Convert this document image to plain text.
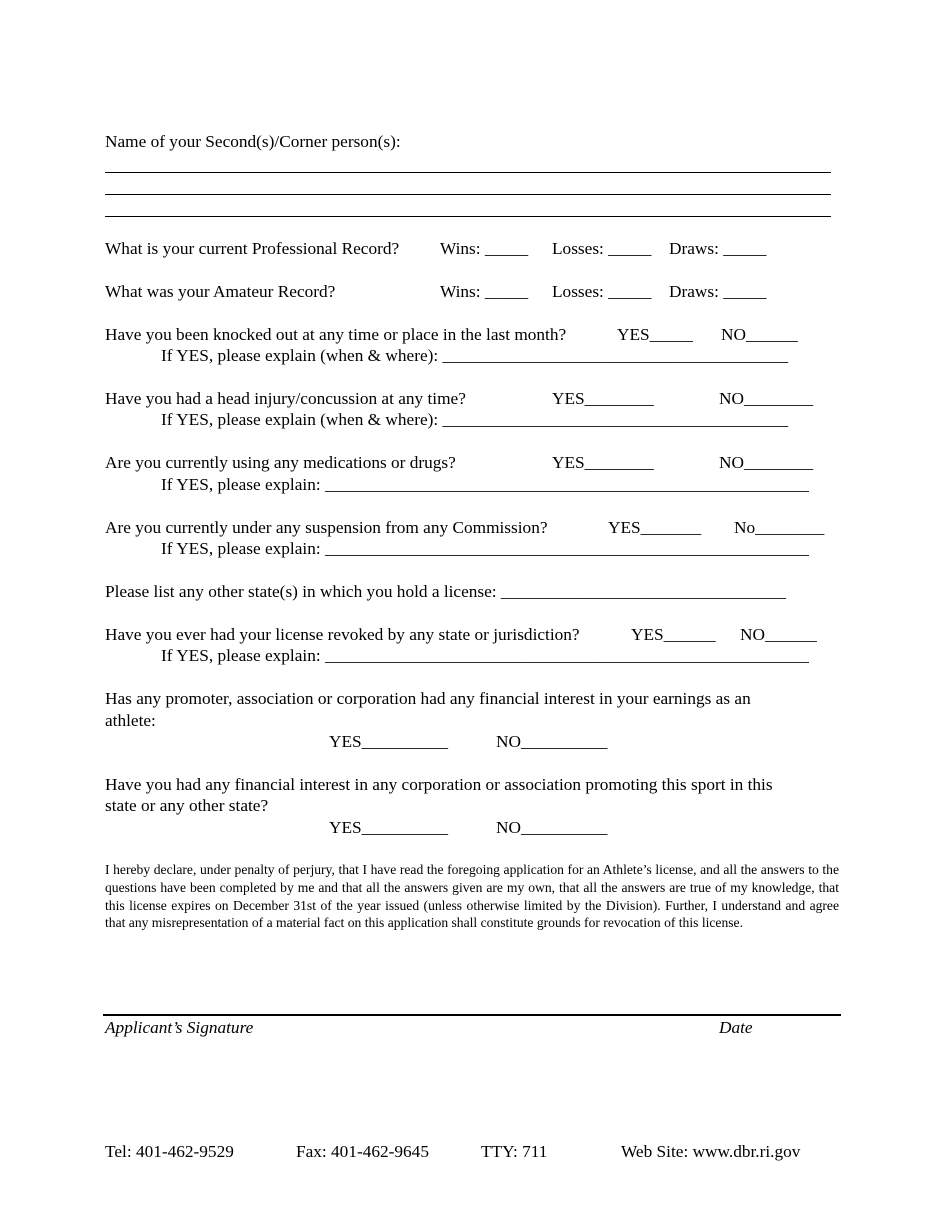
Name of your Second(s)/Corner person(s):
What is your current Professional Record? Wins: _____ Losses: _____ Draws: _____
What was your Amateur Record?	Wins: _____ Losses: _____ Draws: _____
Have you been knocked out at any time or place in the last month?	YES_____ NO______
If YES, please explain (when & where): ________________________________________
Have you had a head injury/concussion at any time?	YES________	NO________
If YES, please explain (when & where): ________________________________________
Are you currently using any medications or drugs?	YES________	NO________
If YES, please explain: ________________________________________________________
Are you currently under any suspension from any Commission?	YES_______ No________
If YES, please explain: ________________________________________________________
Please list any other state(s) in which you hold a license: _________________________________
Have you ever had your license revoked by any state or jurisdiction?	YES______ NO______
If YES, please explain: ________________________________________________________
Has any promoter, association or corporation had any financial interest in your earnings as an
athlete:
YES__________	NO__________
Have you had any financial interest in any corporation or association promoting this sport in this
state or any other state?
YES__________	NO__________
I hereby declare, under penalty of perjury, that I have read the foregoing application for an Athlete’s license, and all the answers to the questions have been completed by me and that all the answers given are my own, that all the answers are true of my knowledge, that this license expires on December 31st of the year issued (unless otherwise limited by the Division). Further, I understand and agree that any misrepresentation of a material fact on this application shall constitute grounds for revocation of this license.
Applicant’s Signature	Date
Tel: 401-462-9529	Fax: 401-462-9645	TTY: 711	Web Site: www.dbr.ri.gov
